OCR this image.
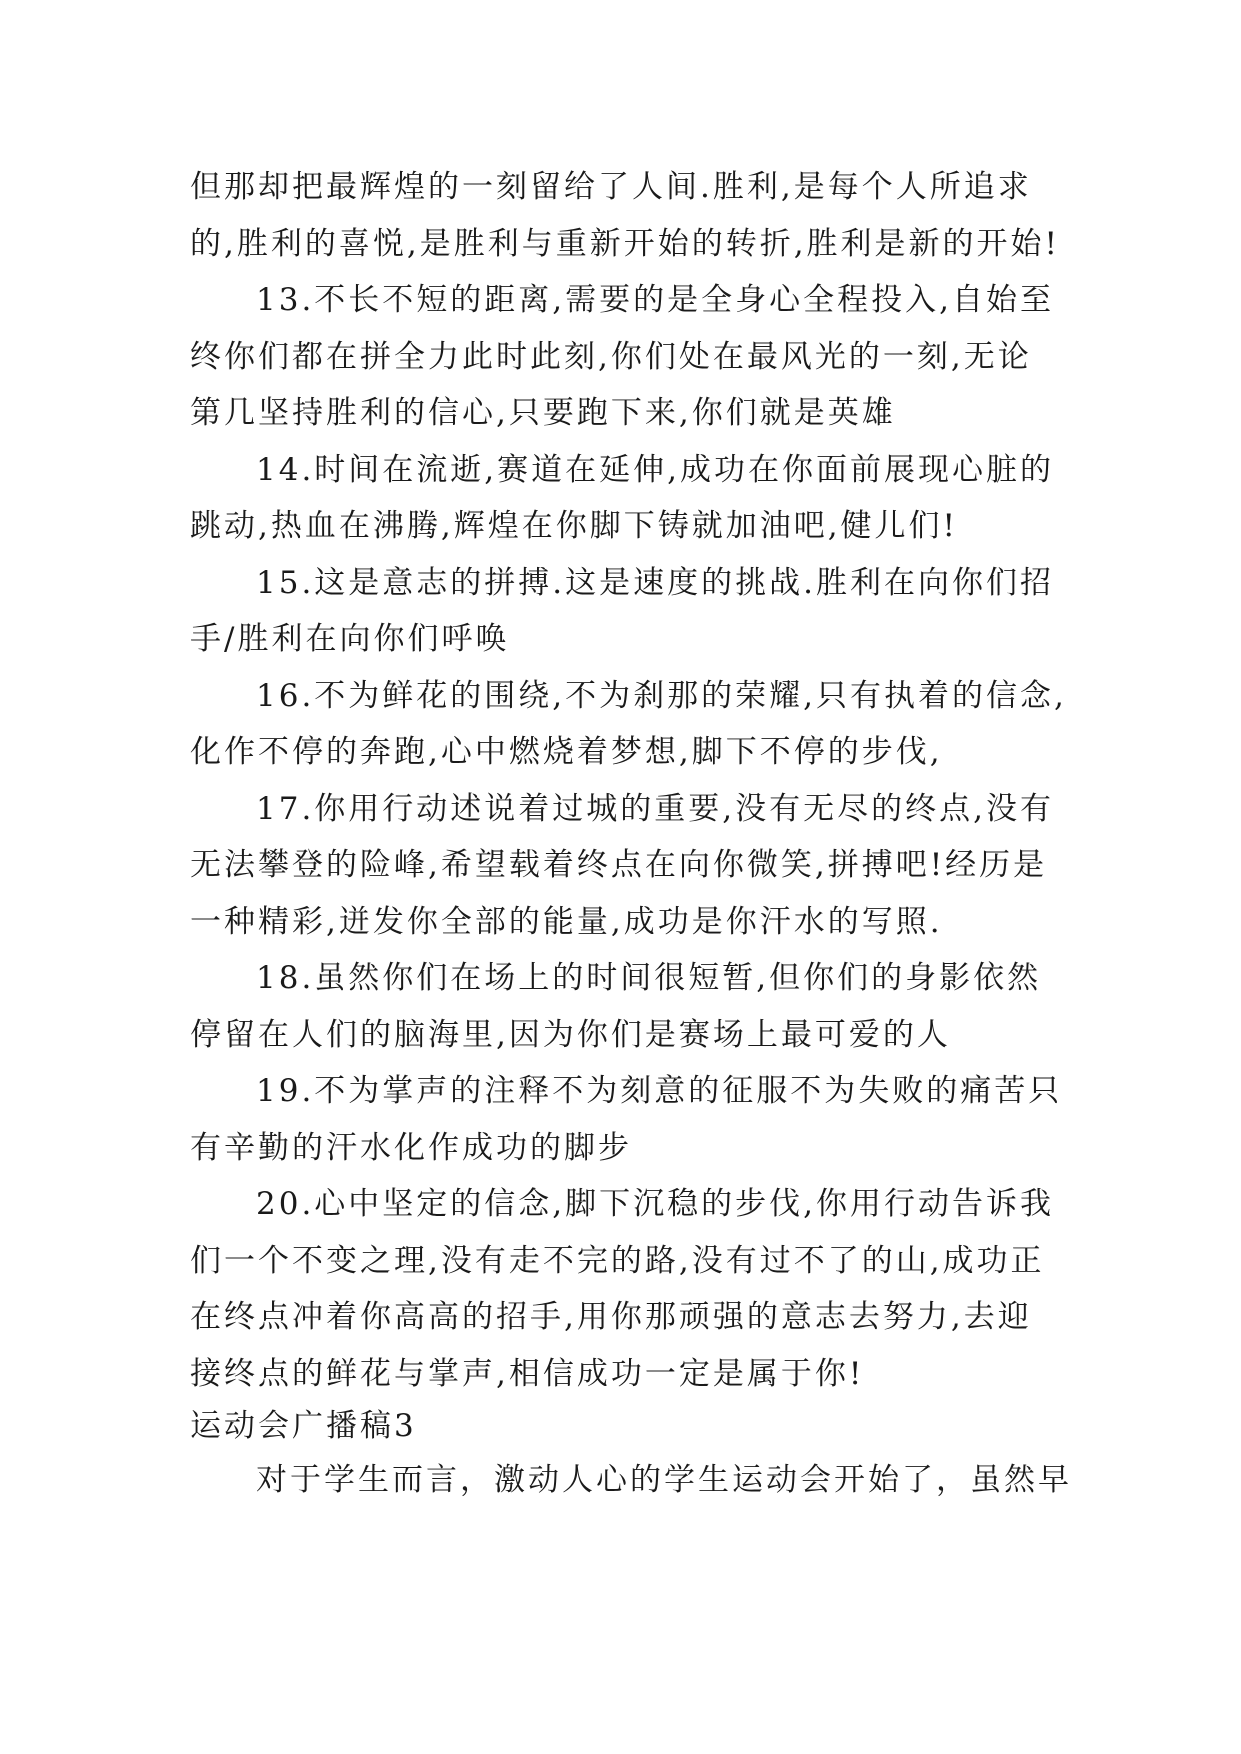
但那却把最辉煌的一刻留给了人间.胜利,是每个人所追求
的,胜利的喜悦,是胜利与重新开始的转折,胜利是新的开始!
13.不长不短的距离,需要的是全身心全程投入,自始至
终你们都在拼全力此时此刻,你们处在最风光的一刻,无论
第几坚持胜利的信心,只要跑下来,你们就是英雄
14.时间在流逝,赛道在延伸,成功在你面前展现心脏的
跳动,热血在沸腾,辉煌在你脚下铸就加油吧,健儿们!
15.这是意志的拼搏.这是速度的挑战.胜利在向你们招
手/胜利在向你们呼唤
16.不为鲜花的围绕,不为刹那的荣耀,只有执着的信念,
化作不停的奔跑,心中燃烧着梦想,脚下不停的步伐,
17.你用行动述说着过城的重要,没有无尽的终点,没有
无法攀登的险峰,希望载着终点在向你微笑,拼搏吧!经历是
一种精彩,迸发你全部的能量,成功是你汗水的写照.
18.虽然你们在场上的时间很短暂,但你们的身影依然
停留在人们的脑海里,因为你们是赛场上最可爱的人
19.不为掌声的注释不为刻意的征服不为失败的痛苦只
有辛勤的汗水化作成功的脚步
20.心中坚定的信念,脚下沉稳的步伐,你用行动告诉我
们一个不变之理,没有走不完的路,没有过不了的山,成功正
在终点冲着你高高的招手,用你那顽强的意志去努力,去迎
接终点的鲜花与掌声,相信成功一定是属于你!
运动会广播稿3
对于学生而言，激动人心的学生运动会开始了，虽然早
